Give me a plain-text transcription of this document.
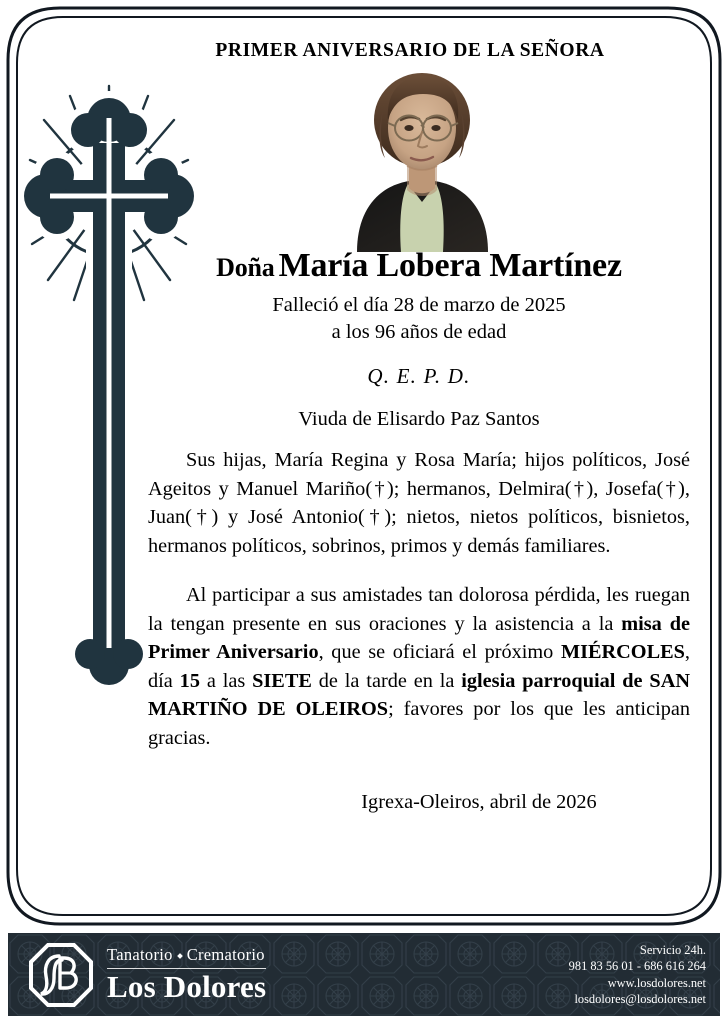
PRIMER ANIVERSARIO DE LA SEÑORA
Doña María Lobera Martínez
Falleció el día 28 de marzo de 2025
a los 96 años de edad
Q. E. P. D.
Viuda de Elisardo Paz Santos

Sus hijas, María Regina y Rosa María; hijos políticos, José Ageitos y Manuel Mariño(†); hermanos, Delmira(†), Josefa(†), Juan(†) y José Antonio(†); nietos, nietos políticos, bisnietos, hermanos políticos, sobrinos, primos y demás familiares.

Al participar a sus amistades tan dolorosa pérdida, les ruegan la tengan presente en sus oraciones y la asistencia a la misa de Primer Aniversario, que se oficiará el próximo MIÉRCOLES, día 15 a las SIETE de la tarde en la iglesia parroquial de SAN MARTIÑO DE OLEIROS; favores por los que les anticipan gracias.

Igrexa-Oleiros, abril de 2026
Tanatorio Crematorio
Los Dolores
Servicio 24h.
981 83 56 01 - 686 616 264
www.losdolores.net
losdolores@losdolores.net
